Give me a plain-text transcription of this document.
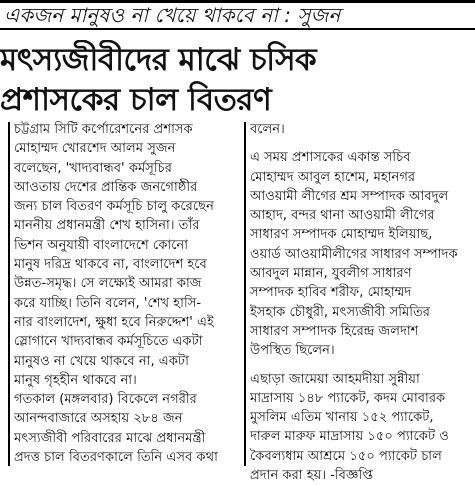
একজন মানুষও না খেয়ে থাকবে না : সুজন
মৎস্যজীবীদের মাঝে চসিক
প্রশাসকের চাল বিতরণ
চট্টগ্রাম সিটি কর্পোরেশনের প্রশাসক
মোহাম্মদ খোরশেদ আলম সুজন
বলেছেন, 'খাদ্যবান্ধব' কর্মসূচির
আওতায় দেশের প্রান্তিক জনগোষ্ঠীর
জন্য চাল বিতরণ কর্মসূচি চালু করেছেন
মাননীয় প্রধানমন্ত্রী শেখ হাসিনা। তাঁর
ভিশন অনুযায়ী বাংলাদেশে কোনো
মানুষ দরিদ্র থাকবে না, বাংলাদেশ হবে
উন্নত-সমৃদ্ধ। সে লক্ষ্যেই আমরা কাজ
করে যাচ্ছি। তিনি বলেন, 'শেখ হাসি-
নার বাংলাদেশ, ক্ষুধা হবে নিরুদ্দেশ' এই
স্লোগানে খাদ্যবান্ধব কর্মসূচিতে একটা
মানুষও না খেয়ে থাকবে না, একটা
মানুষ গৃহহীন থাকবে না।
গতকাল (মঙ্গলবার) বিকেলে নগরীর
আনন্দবাজারে অসহায় ২৮৪ জন
মৎস্যজীবী পরিবারের মাঝে প্রধানমন্ত্রী
প্রদত্ত চাল বিতরণকালে তিনি এসব কথা
বলেন।
এ সময় প্রশাসকের একান্ত সচিব
মোহাম্মদ আবুল হাশেম, মহানগর
আওয়ামী লীগের শ্রম সম্পাদক আবদুল
আহাদ, বন্দর থানা আওয়ামী লীগের
সাধারণ সম্পাদক মোহাম্মদ ইলিয়াছ,
ওয়ার্ড আওয়ামীলীগের সাধারণ সম্পাদক
আবদুল মান্নান, যুবলীগ সাধারণ
সম্পাদক হাবিব শরীফ, মোহাম্মদ
ইসহাক চৌধুরী, মৎস্যজীবী সমিতির
সাধারণ সম্পাদক হিরেন্দ্র জলদাশ
উপস্থিত ছিলেন।
এছাড়া জামেয়া আহমদীয়া সুন্নীয়া
মাদ্রাসায় ১৪৮ প্যাকেট, কদম মোবারক
মুসলিম এতিম খানায় ১৫২ প্যাকেট,
দারুল মারুফ মাদ্রাসায় ১৫০ প্যাকেট ও
কৈবল্যধাম আশ্রমে ১৫০ প্যাকেট চাল
প্রদান করা হয়। -বিজ্ঞপ্তি
